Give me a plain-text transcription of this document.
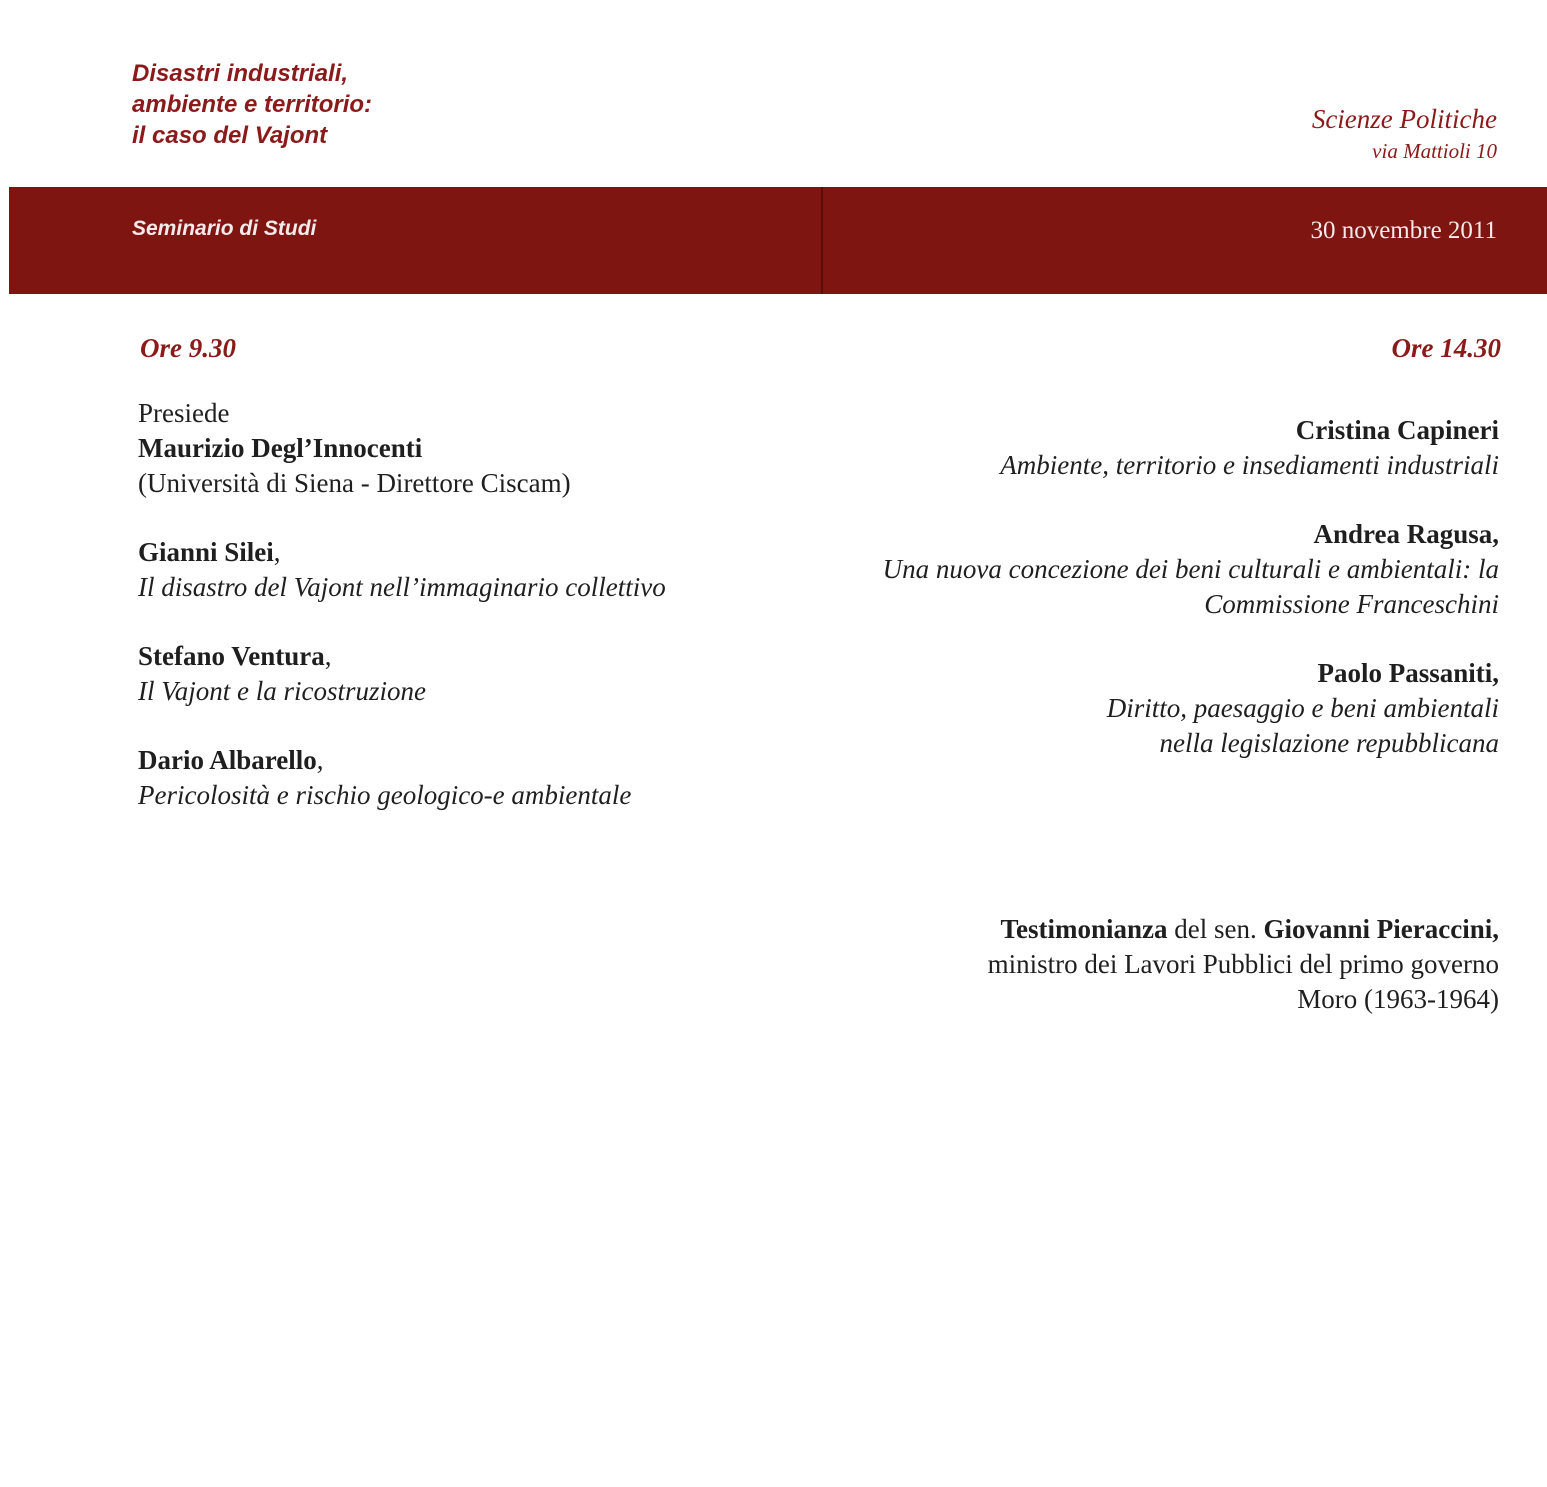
Disastri industriali,
ambiente e territorio:
il caso del Vajont
Scienze Politiche
via Mattioli 10
Seminario di Studi	30 novembre 2011
Ore 9.30	Ore 14.30
Presiede
Maurizio Degl’Innocenti
(Università di Siena - Direttore Ciscam)
Gianni Silei,
Il disastro del Vajont nell’immaginario collettivo
Stefano Ventura,
Il Vajont e la ricostruzione
Dario Albarello,
Pericolosità e rischio geologico-e ambientale
Cristina Capineri
Ambiente, territorio e insediamenti industriali
Andrea Ragusa,
Una nuova concezione dei beni culturali e ambientali: la
Commissione Franceschini
Paolo Passaniti,
Diritto, paesaggio e beni ambientali
nella legislazione repubblicana
Testimonianza del sen. Giovanni Pieraccini,
ministro dei Lavori Pubblici del primo governo
Moro (1963-1964)
